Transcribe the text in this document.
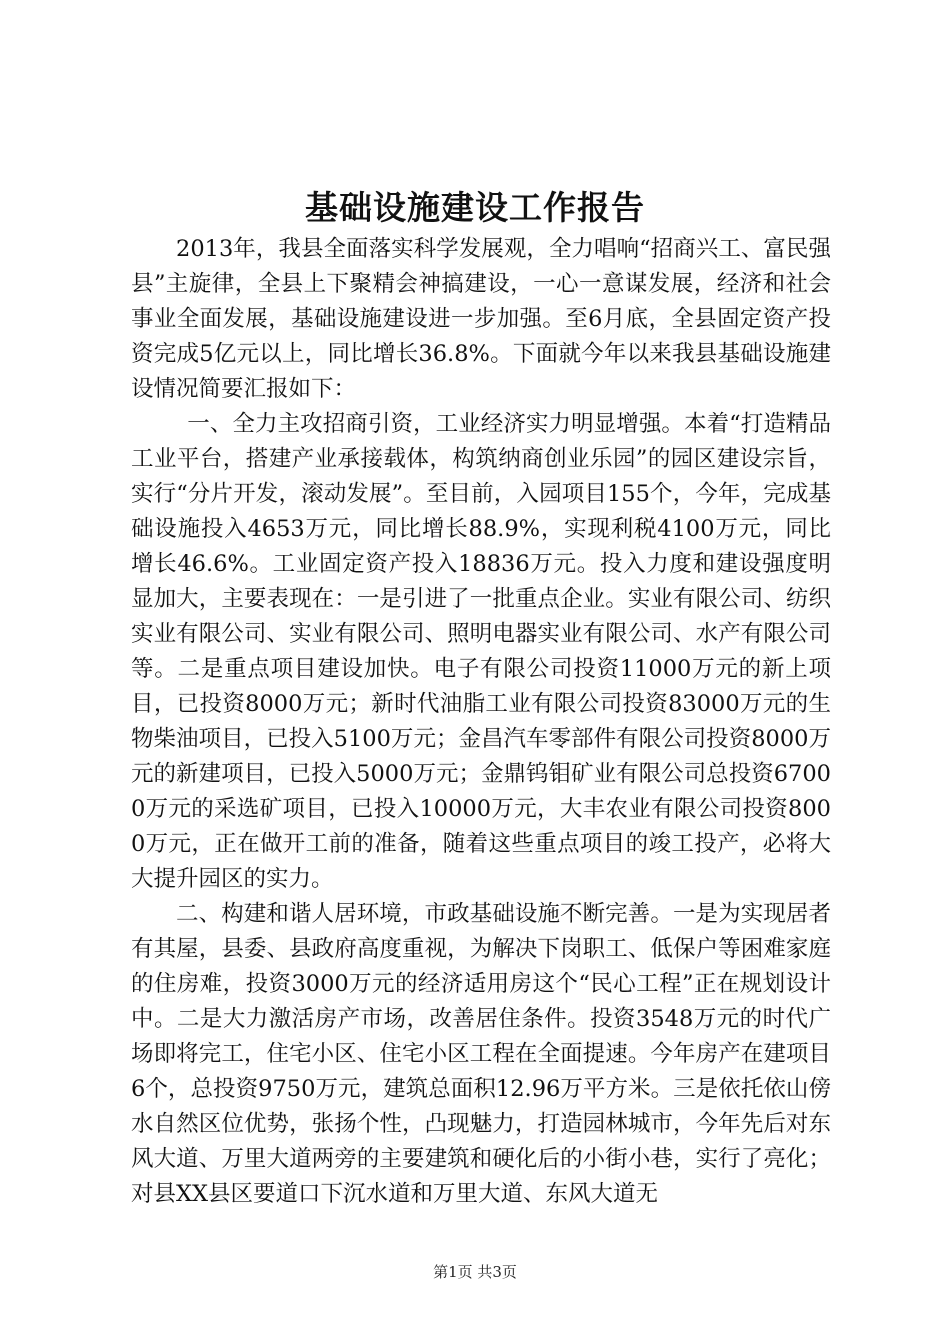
基础设施建设工作报告

2013年，我县全面落实科学发展观，全力唱响“招商兴工、富民强县”主旋律，全县上下聚精会神搞建设，一心一意谋发展，经济和社会事业全面发展，基础设施建设进一步加强。至6月底，全县固定资产投资完成5亿元以上，同比增长36.8%。下面就今年以来我县基础设施建设情况简要汇报如下：

一、全力主攻招商引资，工业经济实力明显增强。本着“打造精品工业平台，搭建产业承接载体，构筑纳商创业乐园”的园区建设宗旨，实行“分片开发，滚动发展”。至目前，入园项目155个，今年，完成基础设施投入4653万元，同比增长88.9%，实现利税4100万元，同比增长46.6%。工业固定资产投入18836万元。投入力度和建设强度明显加大，主要表现在：一是引进了一批重点企业。实业有限公司、纺织实业有限公司、实业有限公司、照明电器实业有限公司、水产有限公司等。二是重点项目建设加快。电子有限公司投资11000万元的新上项目，已投资8000万元；新时代油脂工业有限公司投资83000万元的生物柴油项目，已投入5100万元；金昌汽车零部件有限公司投资8000万元的新建项目，已投入5000万元；金鼎钨钼矿业有限公司总投资67000万元的采选矿项目，已投入10000万元，大丰农业有限公司投资8000万元，正在做开工前的准备，随着这些重点项目的竣工投产，必将大大提升园区的实力。

二、构建和谐人居环境，市政基础设施不断完善。一是为实现居者有其屋，县委、县政府高度重视，为解决下岗职工、低保户等困难家庭的住房难，投资3000万元的经济适用房这个“民心工程”正在规划设计中。二是大力激活房产市场，改善居住条件。投资3548万元的时代广场即将完工，住宅小区、住宅小区工程在全面提速。今年房产在建项目6个，总投资9750万元，建筑总面积12.96万平方米。三是依托依山傍水自然区位优势，张扬个性，凸现魅力，打造园林城市，今年先后对东风大道、万里大道两旁的主要建筑和硬化后的小街小巷，实行了亮化；对县XX县区要道口下沉水道和万里大道、东风大道无

第1页 共3页
